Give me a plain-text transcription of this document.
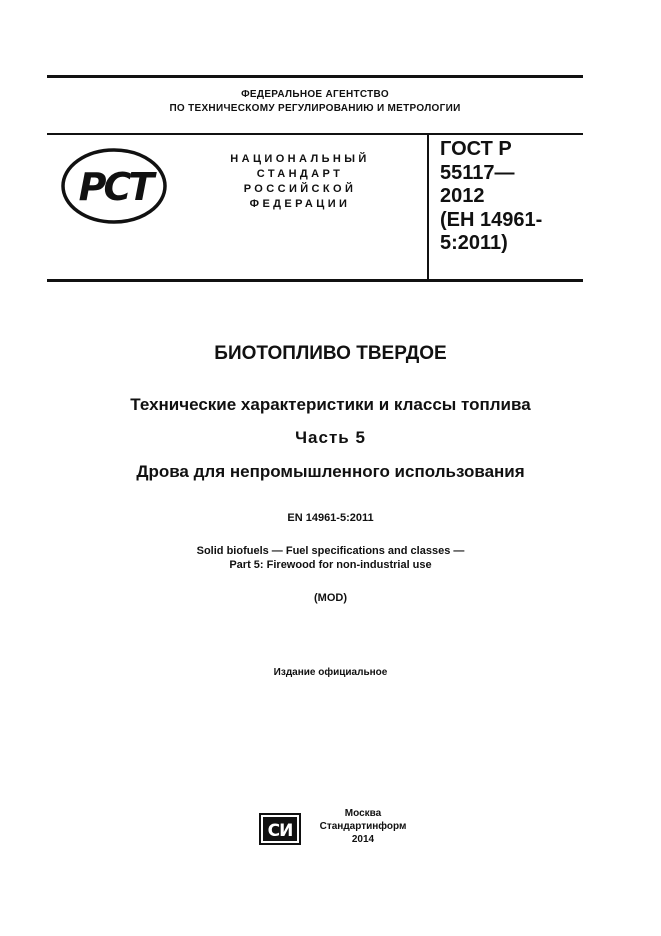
ФЕДЕРАЛЬНОЕ АГЕНТСТВО
ПО ТЕХНИЧЕСКОМУ РЕГУЛИРОВАНИЮ И МЕТРОЛОГИИ
РСТ
НАЦИОНАЛЬНЫЙ
СТАНДАРТ
РОССИЙСКОЙ
ФЕДЕРАЦИИ
ГОСТ Р
55117—
2012
(ЕН 14961-
5:2011)
БИОТОПЛИВО ТВЕРДОЕ
Технические характеристики и классы топлива
Часть 5
Дрова для непромышленного использования
EN 14961-5:2011
Solid biofuels — Fuel specifications and classes —
Part 5: Firewood for non-industrial use
(MOD)
Издание официальное
СИ
Москва
Стандартинформ
2014
